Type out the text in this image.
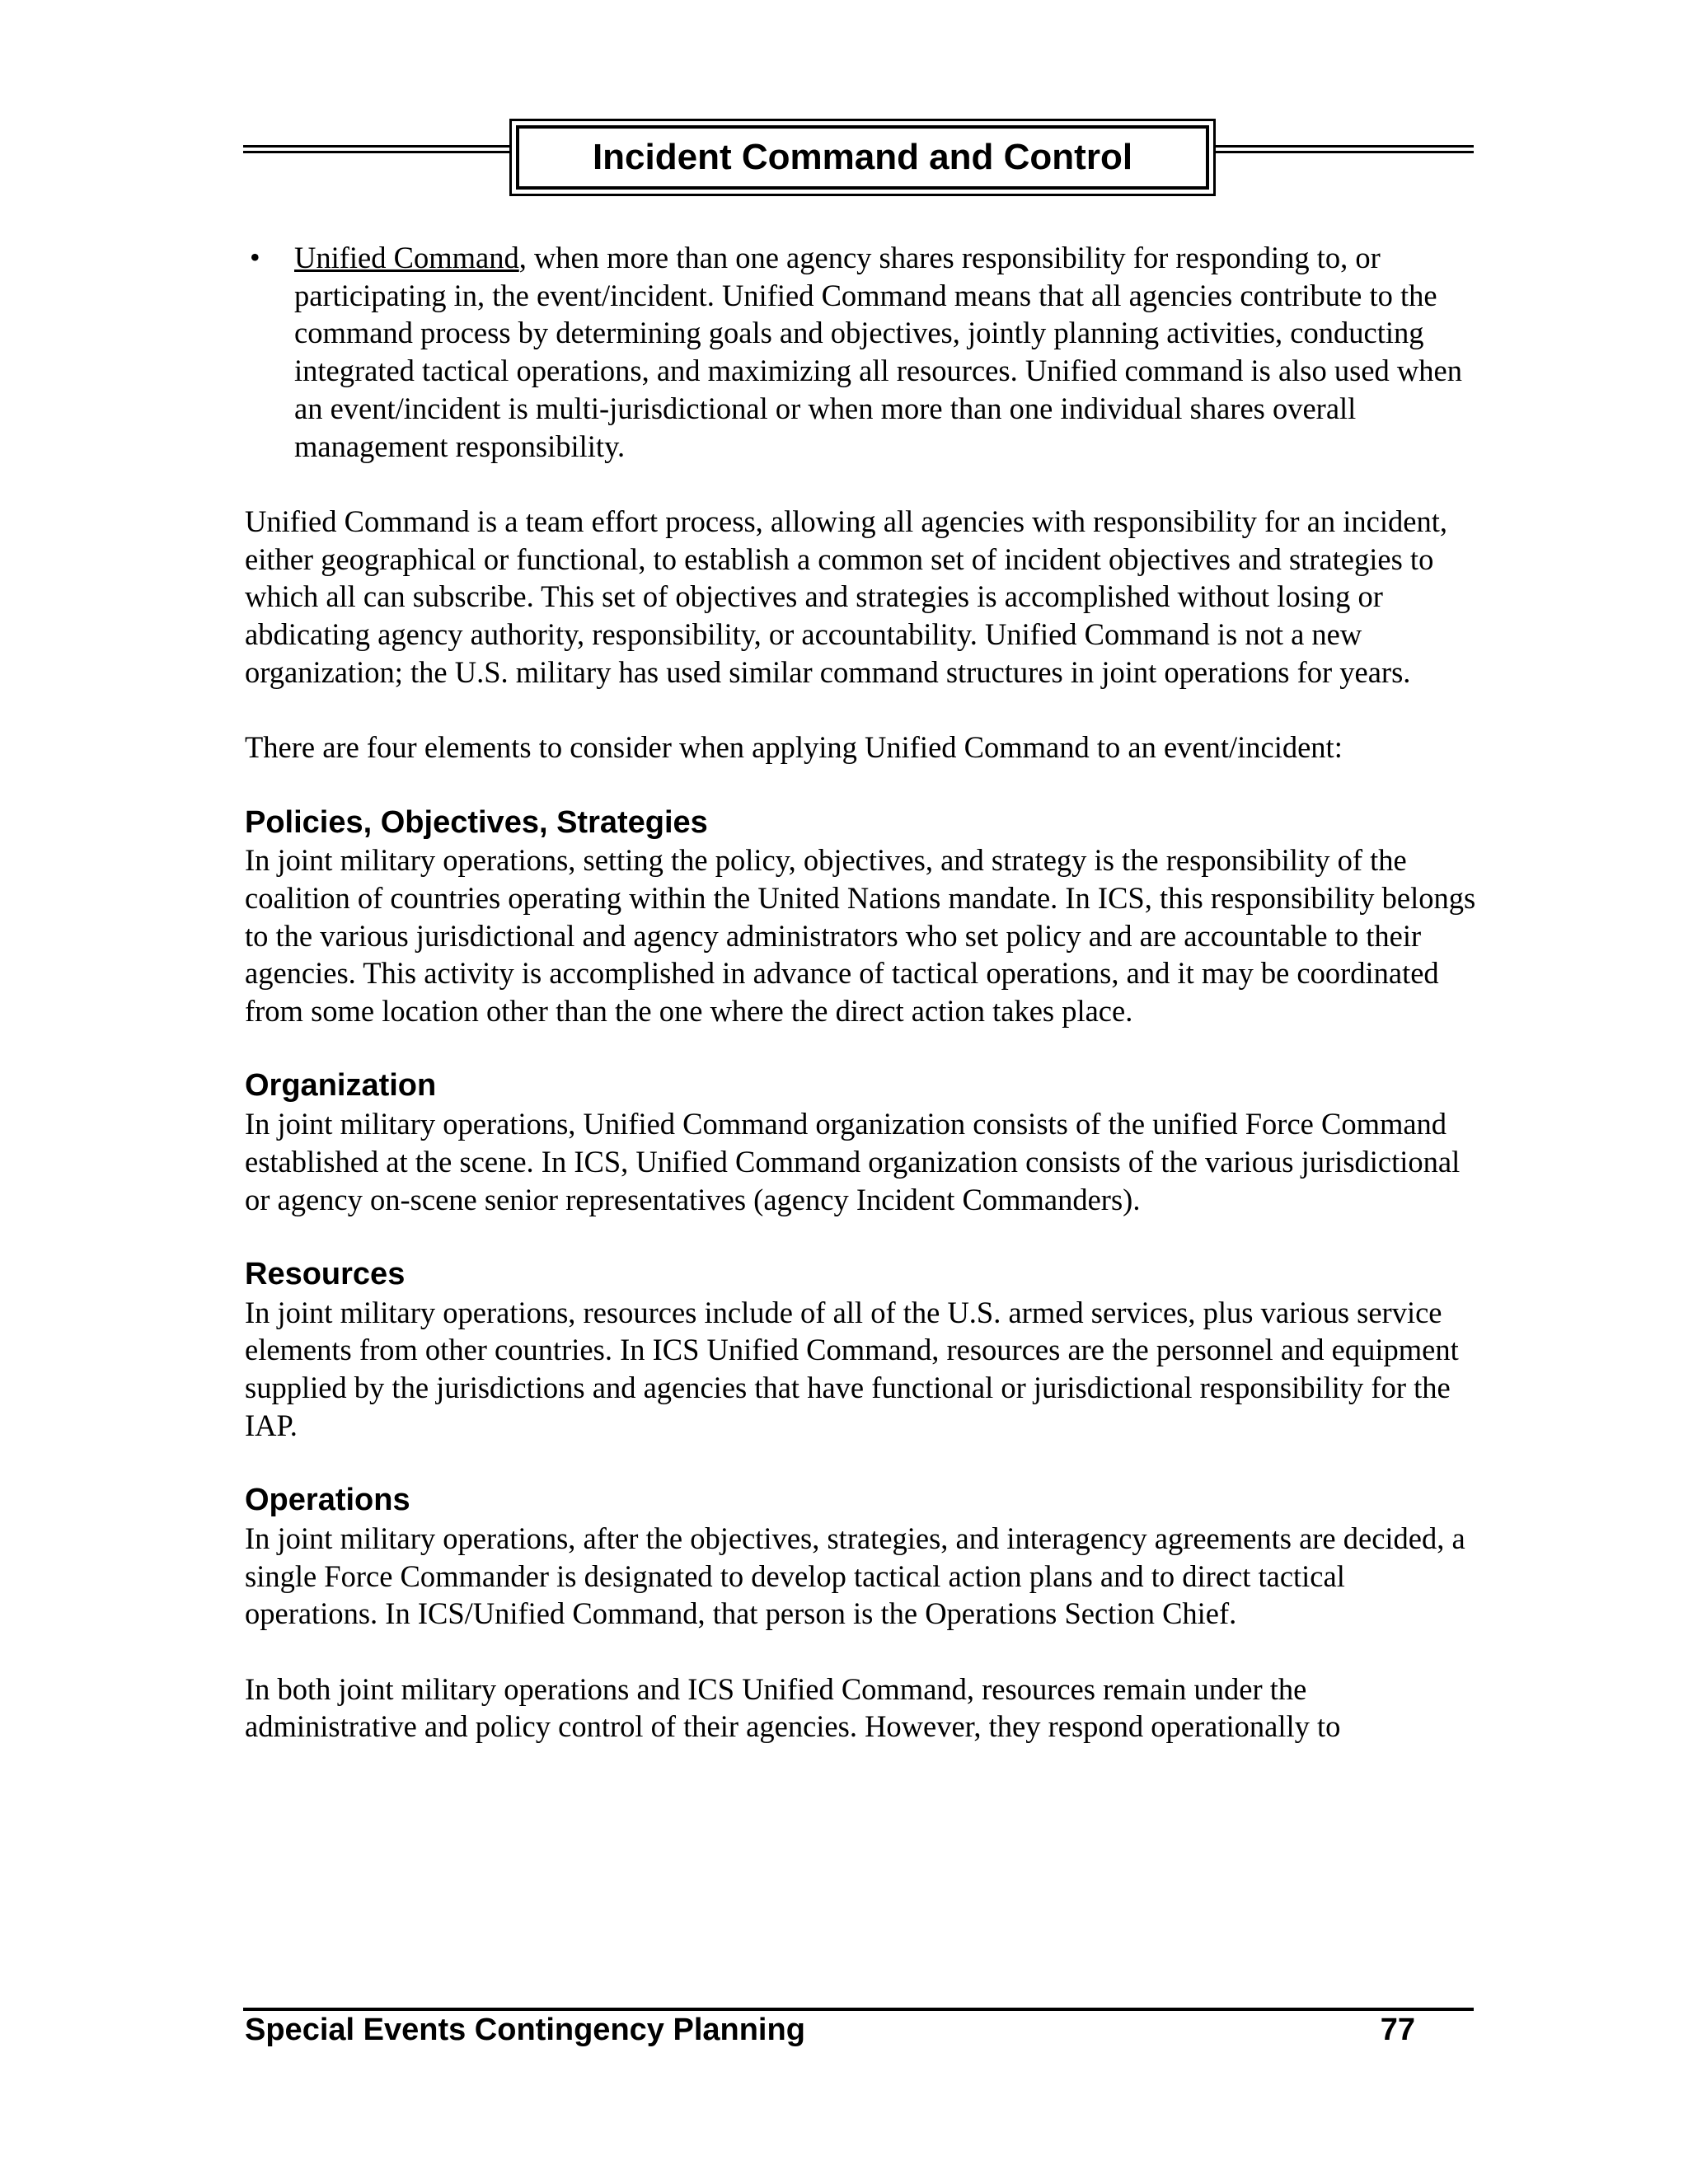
Incident Command and Control
• Unified Command, when more than one agency shares responsibility for responding to, or participating in, the event/incident. Unified Command means that all agencies contribute to the command process by determining goals and objectives, jointly planning activities, conducting integrated tactical operations, and maximizing all resources. Unified command is also used when an event/incident is multi-jurisdictional or when more than one individual shares overall management responsibility.

Unified Command is a team effort process, allowing all agencies with responsibility for an incident, either geographical or functional, to establish a common set of incident objectives and strategies to which all can subscribe. This set of objectives and strategies is accomplished without losing or abdicating agency authority, responsibility, or accountability. Unified Command is not a new organization; the U.S. military has used similar command structures in joint operations for years.

There are four elements to consider when applying Unified Command to an event/incident:

Policies, Objectives, Strategies

In joint military operations, setting the policy, objectives, and strategy is the responsibility of the coalition of countries operating within the United Nations mandate. In ICS, this responsibility belongs to the various jurisdictional and agency administrators who set policy and are accountable to their agencies. This activity is accomplished in advance of tactical operations, and it may be coordinated from some location other than the one where the direct action takes place.

Organization

In joint military operations, Unified Command organization consists of the unified Force Command established at the scene. In ICS, Unified Command organization consists of the various jurisdictional or agency on-scene senior representatives (agency Incident Commanders).

Resources

In joint military operations, resources include of all of the U.S. armed services, plus various service elements from other countries. In ICS Unified Command, resources are the personnel and equipment supplied by the jurisdictions and agencies that have functional or jurisdictional responsibility for the IAP.

Operations

In joint military operations, after the objectives, strategies, and interagency agreements are decided, a single Force Commander is designated to develop tactical action plans and to direct tactical operations. In ICS/Unified Command, that person is the Operations Section Chief.

In both joint military operations and ICS Unified Command, resources remain under the administrative and policy control of their agencies. However, they respond operationally to

Special Events Contingency Planning	77
